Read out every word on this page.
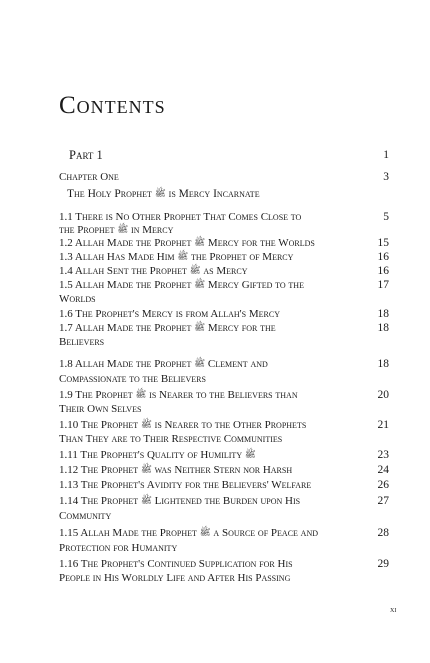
Contents
Part 1	1
Chapter One	3
The Holy Prophet ﷺ is Mercy Incarnate
1.1 There is No Other Prophet That Comes Close to	5
the Prophet ﷺ in Mercy
1.2 Allah Made the Prophet ﷺ Mercy for the Worlds	15
1.3 Allah Has Made Him ﷺ the Prophet of Mercy	16
1.4 Allah Sent the Prophet ﷺ as Mercy	16
1.5 Allah Made the Prophet ﷺ Mercy Gifted to the	17
Worlds
1.6 The Prophet's Mercy is from Allah's Mercy	18
1.7 Allah Made the Prophet ﷺ Mercy for the	18
Believers
1.8 Allah Made the Prophet ﷺ Clement and	18
Compassionate to the Believers
1.9 The Prophet ﷺ is Nearer to the Believers than	20
Their Own Selves
1.10 The Prophet ﷺ is Nearer to the Other Prophets	21
Than They are to Their Respective Communities
1.11 The Prophet's Quality of Humility ﷺ	23
1.12 The Prophet ﷺ was Neither Stern nor Harsh	24
1.13 The Prophet's Avidity for the Believers' Welfare	26
1.14 The Prophet ﷺ Lightened the Burden upon His	27
Community
1.15 Allah Made the Prophet ﷺ a Source of Peace and	28
Protection for Humanity
1.16 The Prophet's Continued Supplication for His	29
People in His Worldly Life and After His Passing
xi
